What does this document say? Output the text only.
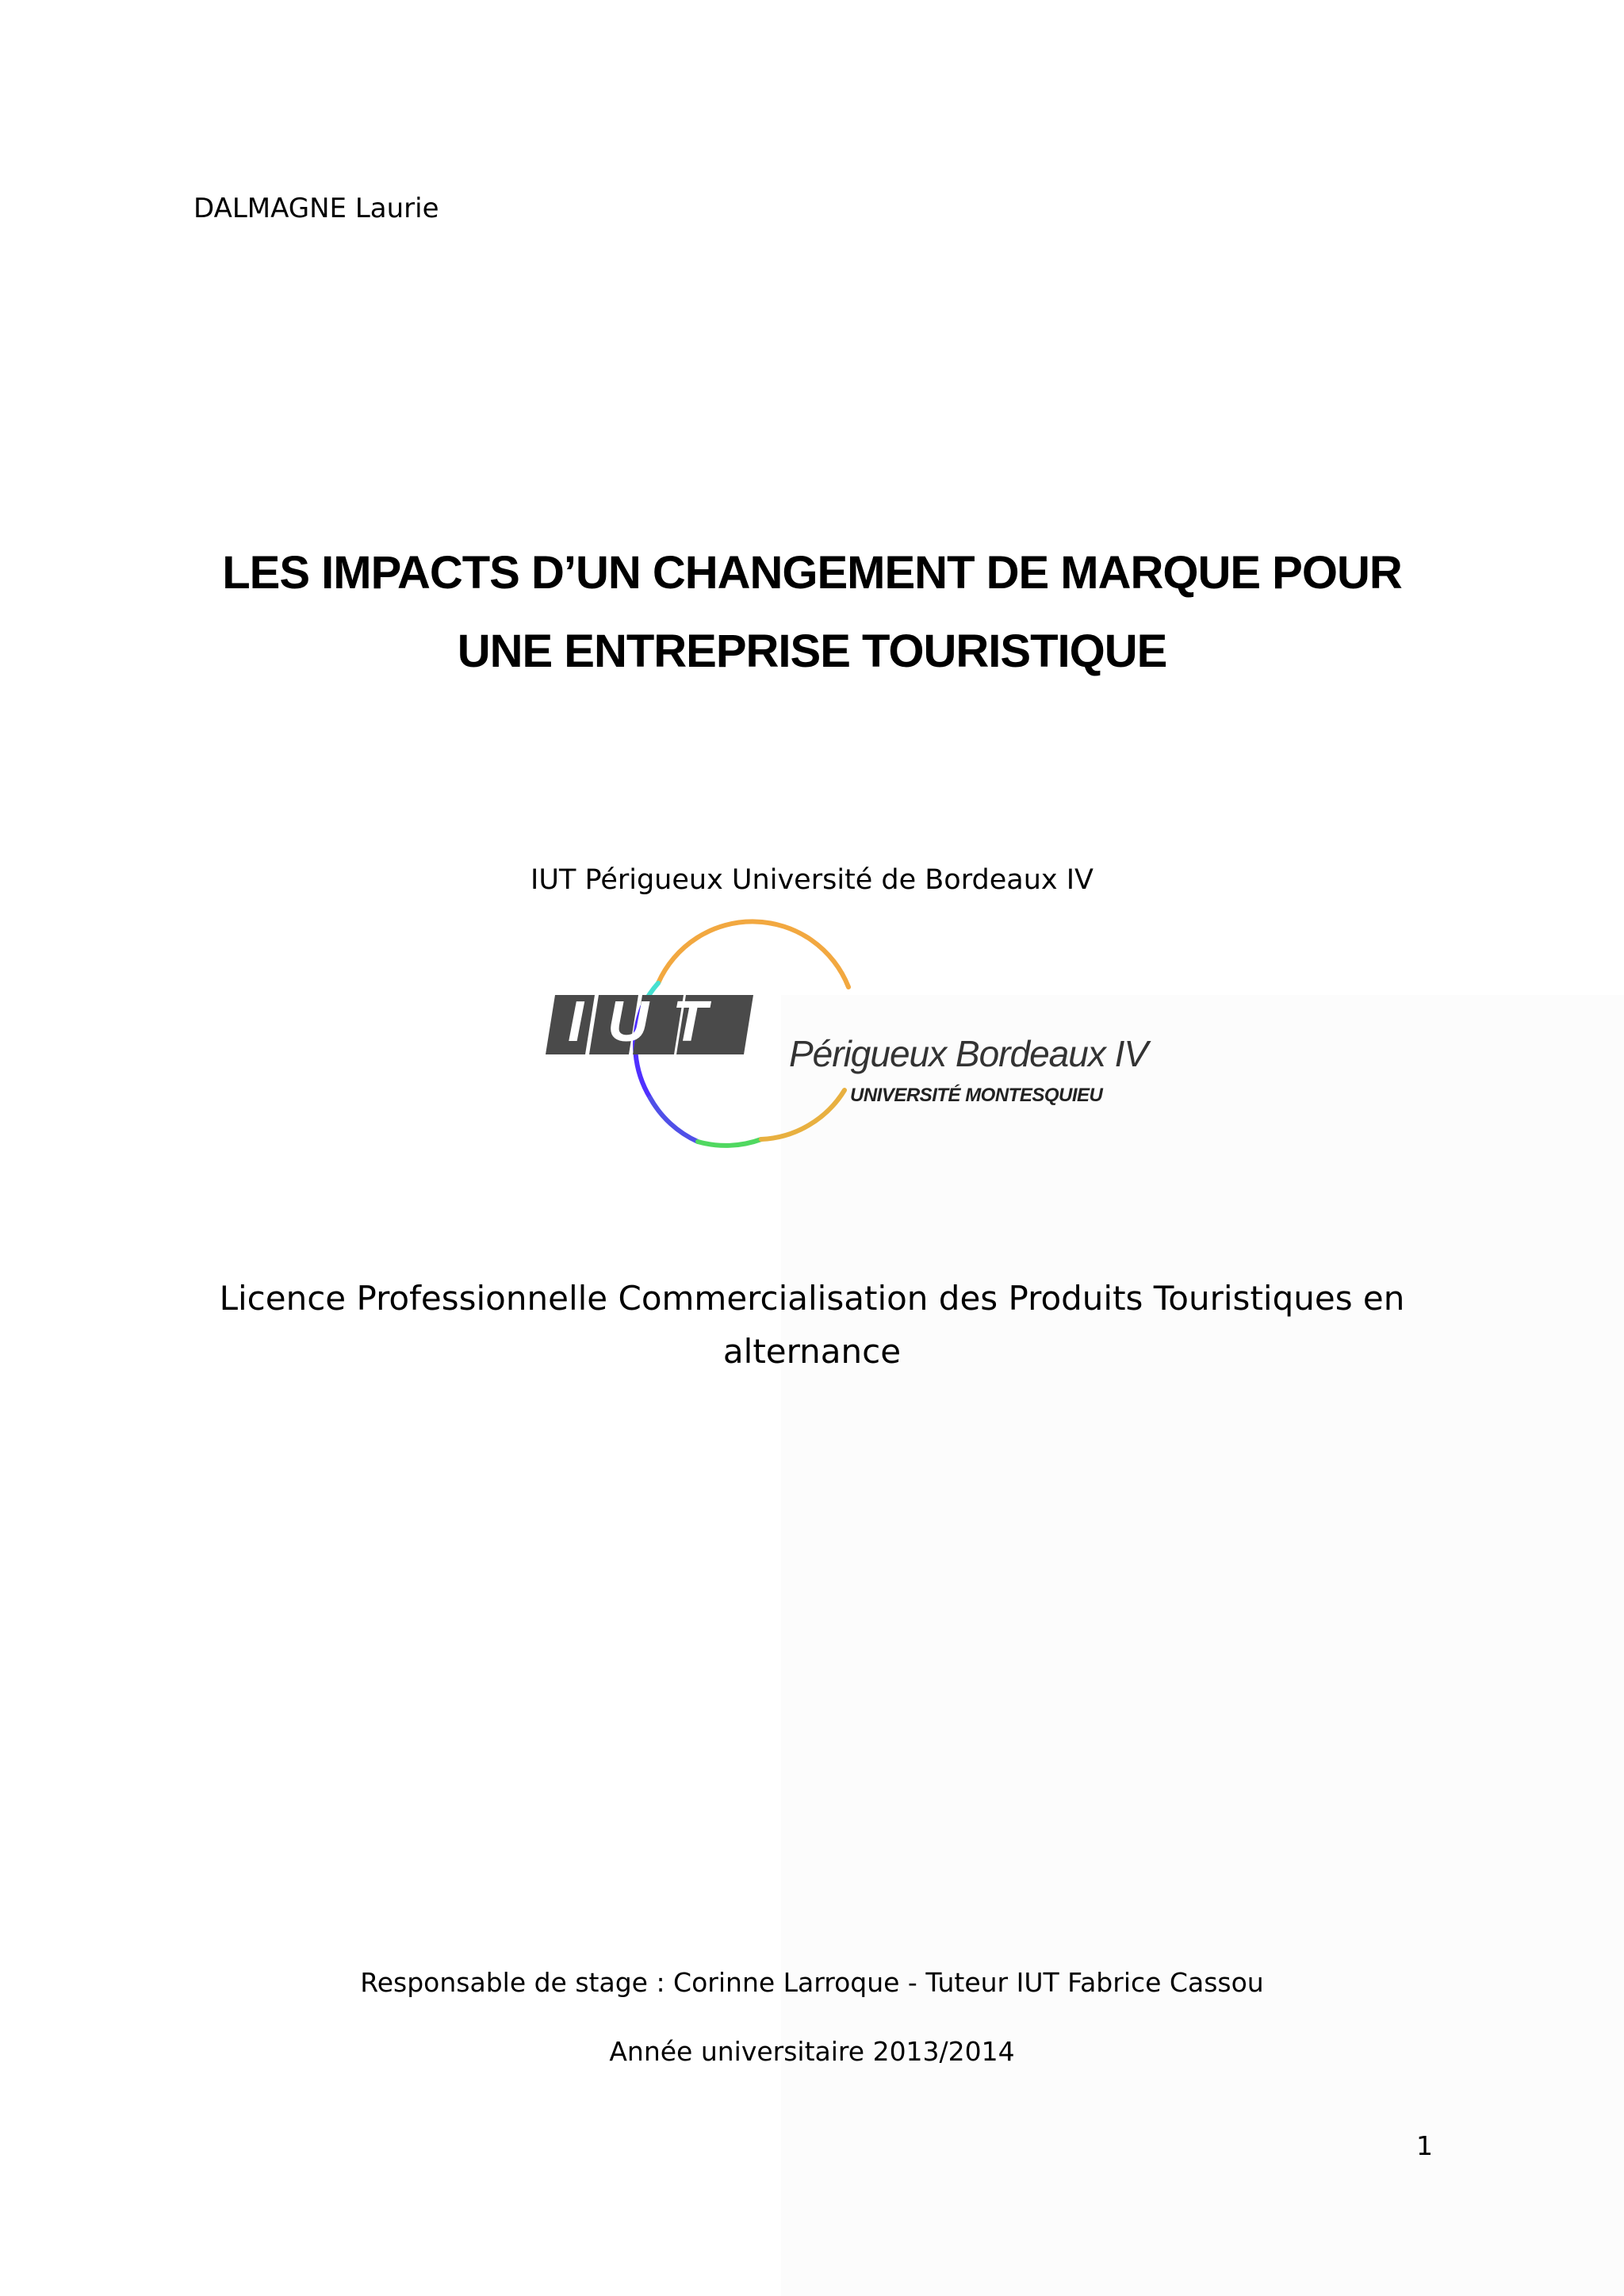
DALMAGNE Laurie
LES IMPACTS D’UN CHANGEMENT DE MARQUE POUR
UNE ENTREPRISE TOURISTIQUE
IUT Périgueux Université de Bordeaux IV
IUT Périgueux Bordeaux IV
UNIVERSITÉ MONTESQUIEU
Licence Professionnelle Commercialisation des Produits Touristiques en
alternance
Responsable de stage : Corinne Larroque - Tuteur IUT Fabrice Cassou
Année universitaire 2013/2014
1
